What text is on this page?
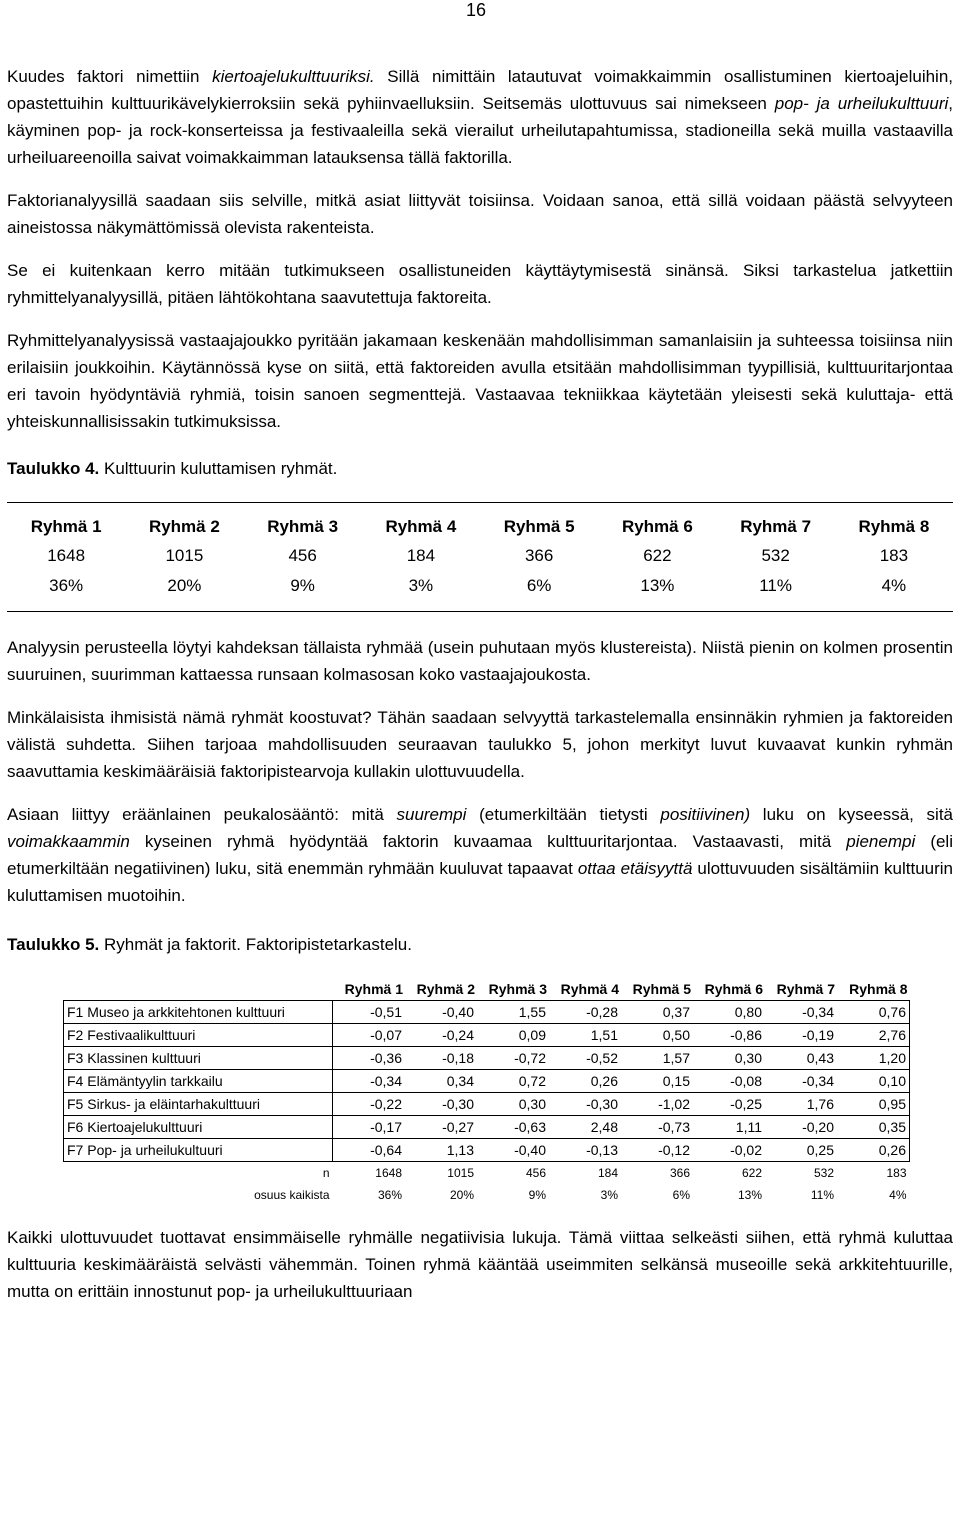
16

Kuudes faktori nimettiin kiertoajelukulttuuriksi. Sillä nimittäin latautuvat voimakkaimmin osallistuminen kiertoajeluihin, opastettuihin kulttuurikävelykierroksiin sekä pyhiinvaelluksiin. Seitsemäs ulottuvuus sai nimekseen pop- ja urheilukulttuuri, käyminen pop- ja rock-konserteissa ja festivaaleilla sekä vierailut urheilutapahtumissa, stadioneilla sekä muilla vastaavilla urheiluareenoilla saivat voimakkaimman latauksensa tällä faktorilla.

Faktorianalyysillä saadaan siis selville, mitkä asiat liittyvät toisiinsa. Voidaan sanoa, että sillä voidaan päästä selvyyteen aineistossa näkymättömissä olevista rakenteista.

Se ei kuitenkaan kerro mitään tutkimukseen osallistuneiden käyttäytymisestä sinänsä. Siksi tarkastelua jatkettiin ryhmittelyanalyysillä, pitäen lähtökohtana saavutettuja faktoreita.

Ryhmittelyanalyysissä vastaajajoukko pyritään jakamaan keskenään mahdollisimman samanlaisiin ja suhteessa toisiinsa niin erilaisiin joukkoihin. Käytännössä kyse on siitä, että faktoreiden avulla etsitään mahdollisimman tyypillisiä, kulttuuritarjontaa eri tavoin hyödyntäviä ryhmiä, toisin sanoen segmenttejä. Vastaavaa tekniikkaa käytetään yleisesti sekä kuluttaja- että yhteiskunnallisissakin tutkimuksissa.

Taulukko 4. Kulttuurin kuluttamisen ryhmät.
Ryhmä 1	Ryhmä 2	Ryhmä 3	Ryhmä 4	Ryhmä 5	Ryhmä 6	Ryhmä 7	Ryhmä 8
1648	1015	456	184	366	622	532	183
36%	20%	9%	3%	6%	13%	11%	4%

Analyysin perusteella löytyi kahdeksan tällaista ryhmää (usein puhutaan myös klustereista). Niistä pienin on kolmen prosentin suuruinen, suurimman kattaessa runsaan kolmasosan koko vastaajajoukosta.

Minkälaisista ihmisistä nämä ryhmät koostuvat? Tähän saadaan selvyyttä tarkastelemalla ensinnäkin ryhmien ja faktoreiden välistä suhdetta. Siihen tarjoaa mahdollisuuden seuraavan taulukko 5, johon merkityt luvut kuvaavat kunkin ryhmän saavuttamia keskimääräisiä faktoripistearvoja kullakin ulottuvuudella.

Asiaan liittyy eräänlainen peukalosääntö: mitä suurempi (etumerkiltään tietysti positiivinen) luku on kyseessä, sitä voimakkaammin kyseinen ryhmä hyödyntää faktorin kuvaamaa kulttuuritarjontaa. Vastaavasti, mitä pienempi (eli etumerkiltään negatiivinen) luku, sitä enemmän ryhmään kuuluvat tapaavat ottaa etäisyyttä ulottuvuuden sisältämiin kulttuurin kuluttamisen muotoihin.

Taulukko 5. Ryhmät ja faktorit. Faktoripistetarkastelu.
	Ryhmä 1	Ryhmä 2	Ryhmä 3	Ryhmä 4	Ryhmä 5	Ryhmä 6	Ryhmä 7	Ryhmä 8
F1 Museo ja arkkitehtonen kulttuuri	-0,51	-0,40	1,55	-0,28	0,37	0,80	-0,34	0,76
F2 Festivaalikulttuuri	-0,07	-0,24	0,09	1,51	0,50	-0,86	-0,19	2,76
F3 Klassinen kulttuuri	-0,36	-0,18	-0,72	-0,52	1,57	0,30	0,43	1,20
F4 Elämäntyylin tarkkailu	-0,34	0,34	0,72	0,26	0,15	-0,08	-0,34	0,10
F5 Sirkus- ja eläintarhakulttuuri	-0,22	-0,30	0,30	-0,30	-1,02	-0,25	1,76	0,95
F6 Kiertoajelukulttuuri	-0,17	-0,27	-0,63	2,48	-0,73	1,11	-0,20	0,35
F7 Pop- ja urheilukultuuri	-0,64	1,13	-0,40	-0,13	-0,12	-0,02	0,25	0,26
n	1648	1015	456	184	366	622	532	183
osuus kaikista	36%	20%	9%	3%	6%	13%	11%	4%

Kaikki ulottuvuudet tuottavat ensimmäiselle ryhmälle negatiivisia lukuja. Tämä viittaa selkeästi siihen, että ryhmä kuluttaa kulttuuria keskimääräistä selvästi vähemmän. Toinen ryhmä kääntää useimmiten selkänsä museoille sekä arkkitehtuurille, mutta on erittäin innostunut pop- ja urheilukulttuuriaan
